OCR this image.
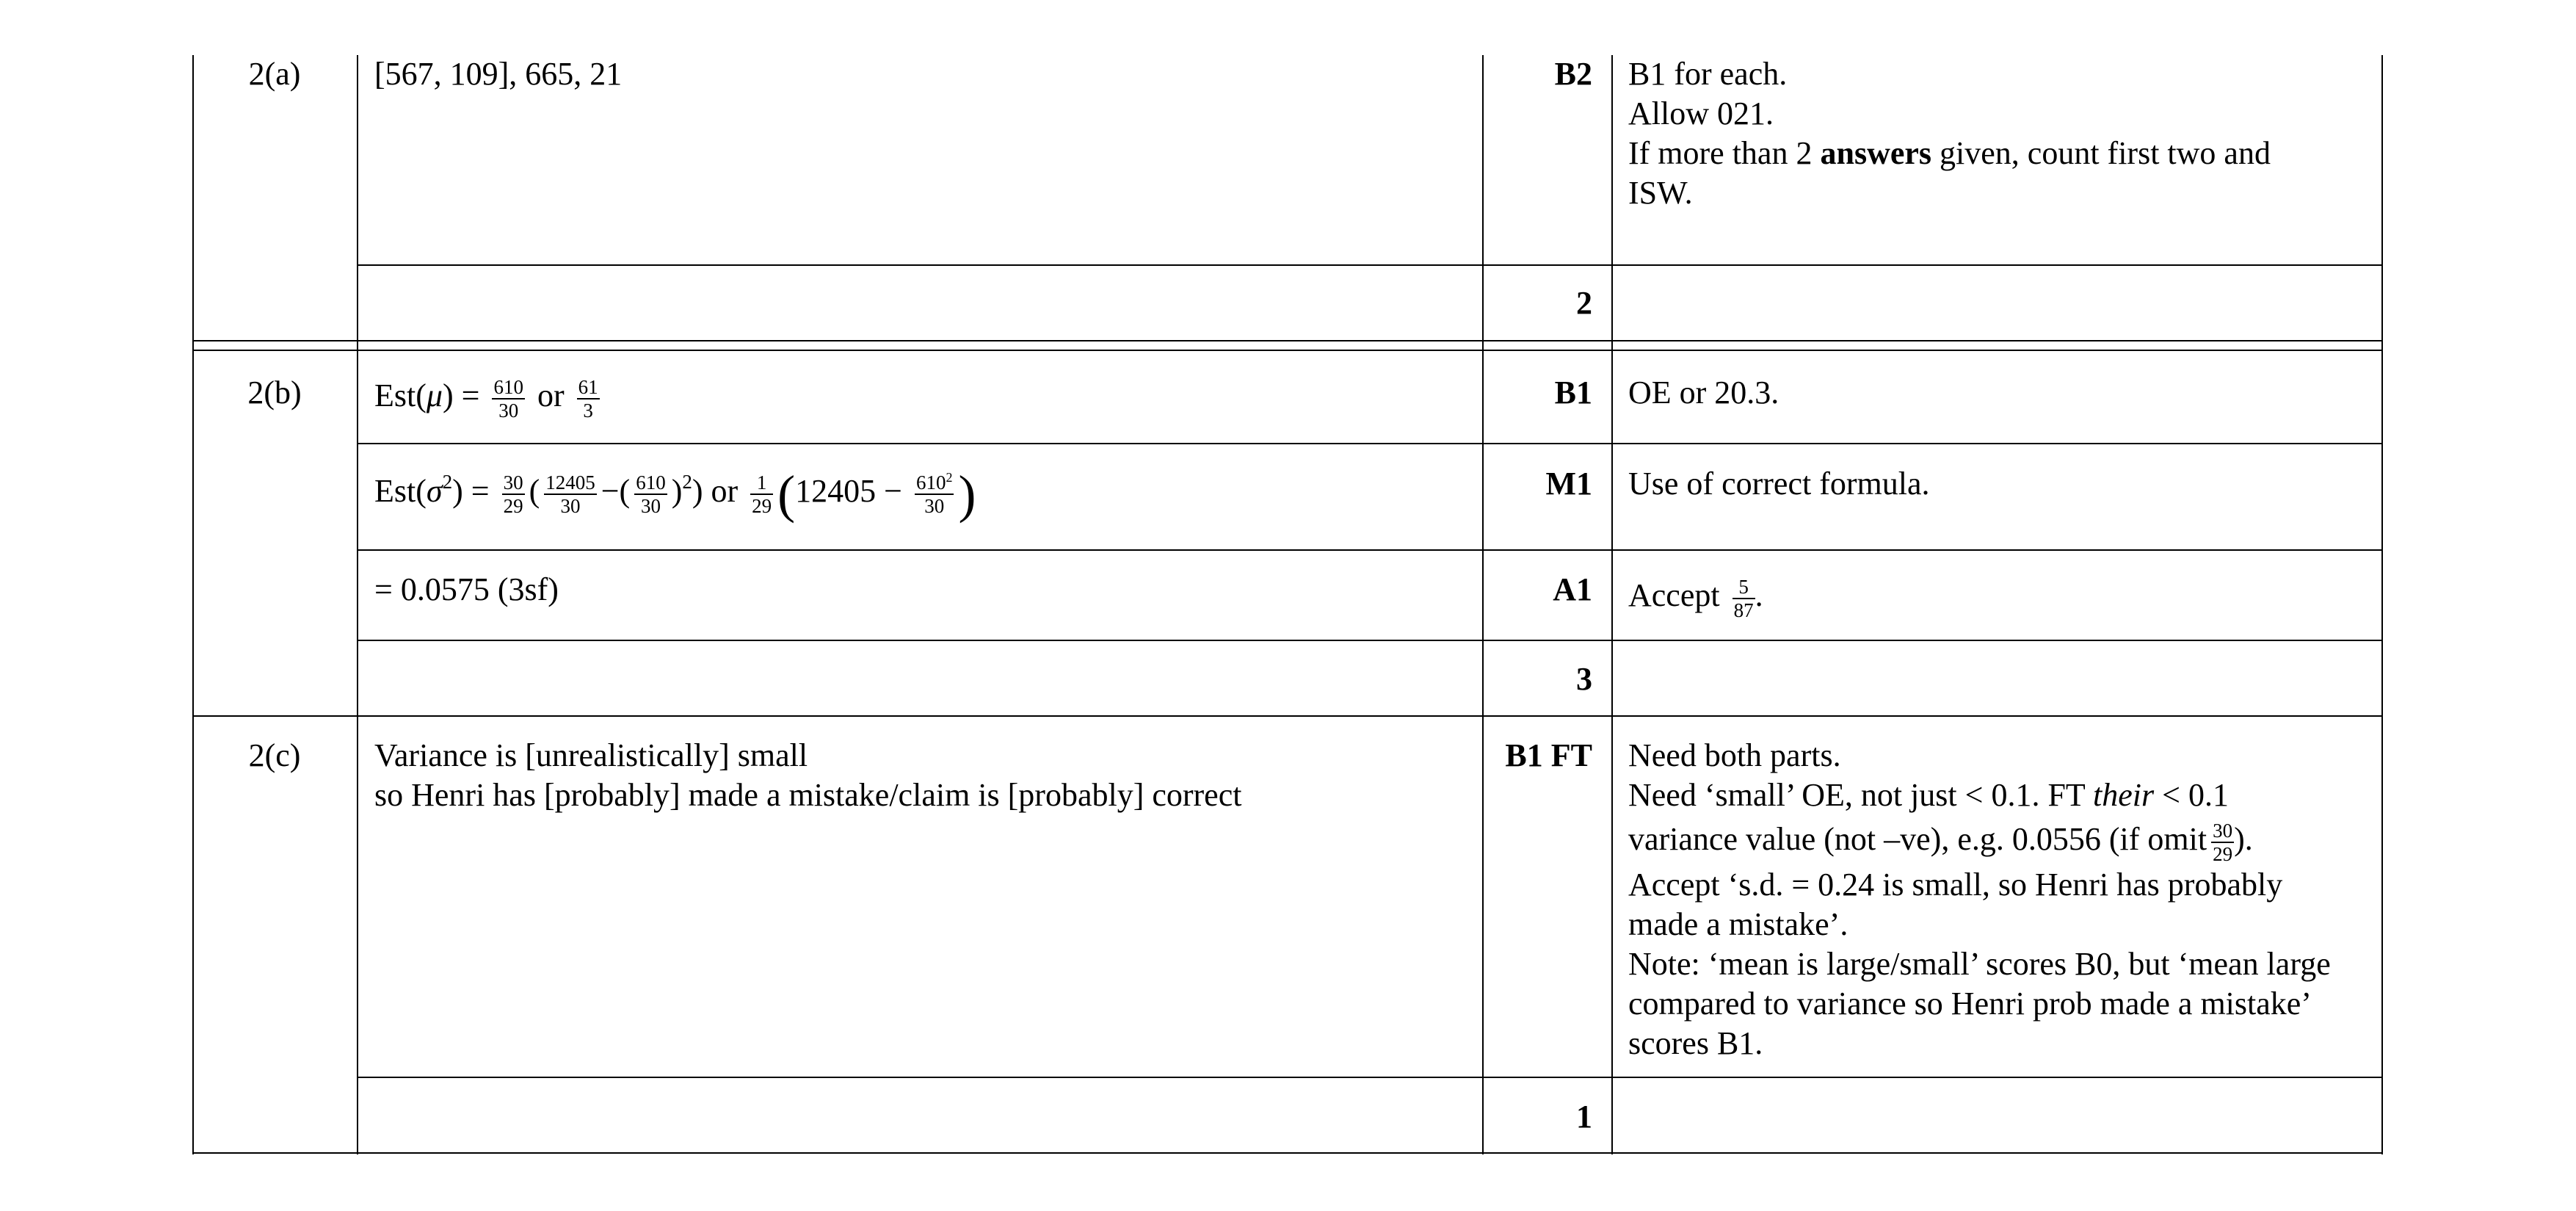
2(a)	[567, 109], 665, 21	B2 B1 for each.
Allow 021.
If more than 2 answers given, count first two and
ISW.
2
2(b)	$Est(\mu) = \frac{610}{30}$ or $\frac{61}{3}$	B1 OE or 20.3.
$Est(\sigma^2) = \frac{30}{29}$ ( $\frac{12405}{30}$ −( $\frac{610}{30} )^2$) or $\frac{1}{29} (12405 - \frac{610^2}{30}$ )	M1 Use of correct formula.
= 0.0575 (3sf)	A1 Accept $\frac{5}{87}$ .
3
2(c)	Variance is [unrealistically] small
so Henri has [probably] made a mistake/claim is [probably] correct
B1 FT Need both parts.
Need ‘small’ OE, not just < 0.1. FT their < 0.1
variance value (not –ve), e.g. 0.0556 (if omit $\frac{30}{29}$ ).
Accept ‘s.d. = 0.24 is small, so Henri has probably
made a mistake’.
Note: ‘mean is large/small’ scores B0, but ‘mean large
compared to variance so Henri prob made a mistake’
scores B1.
1
